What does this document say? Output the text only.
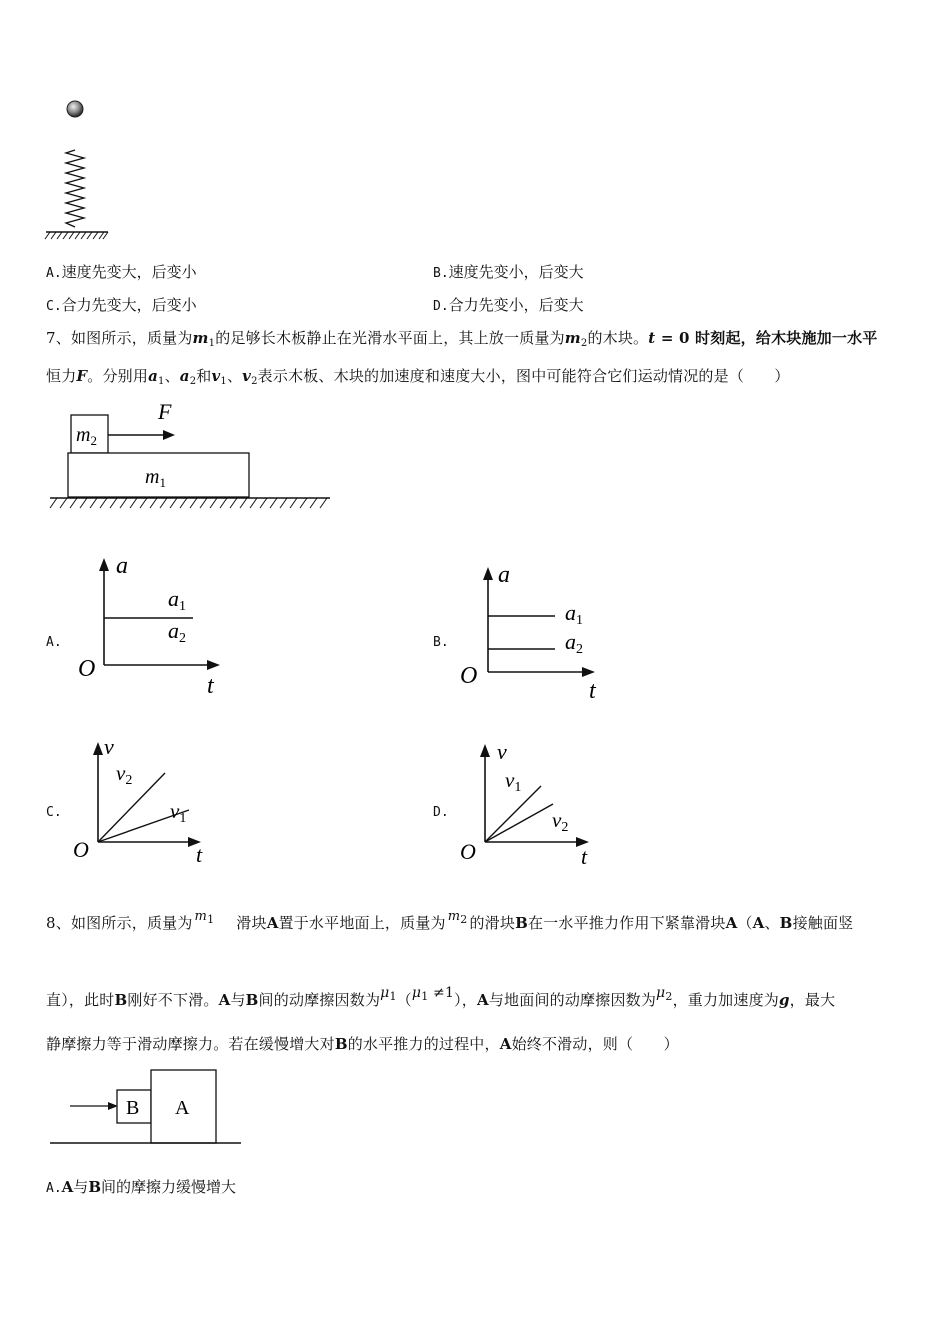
A.速度先变大，后变小	B.速度先变小，后变大
C.合力先变大，后变小	D.合力先变小，后变大
7、如图所示，质量为$m_1$的足够长木板静止在光滑水平面上，其上放一质量为$m_2$的木块。t = 0 时刻起，给木块施加一水平
恒力F。分别用$a_1$、$a_2$和$v_1$、$v_2$表示木板、木块的加速度和速度大小，图中可能符合它们运动情况的是（　　）
$m_2$
F
$m_1$
A.
a
t
O
a1
a2	B.
a
t
O
a1
a2
C.
v
t
O
v2
v1	D.
v
t
O
v1
v2
8、如图所示，质量为 $m_1$ 滑块A置于水平地面上，质量为 $m_2$ 的滑块B在一水平推力作用下紧靠滑块A（A、B接触面竖
直），此时B刚好不下滑。A与B间的动摩擦因数为$\mu_1(\mu_1 \ne 1)$，A与地面间的动摩擦因数为$\mu_2$，重力加速度为g，最大
静摩擦力等于滑动摩擦力。若在缓慢增大对B的水平推力的过程中，A始终不滑动，则（　　）
B A
A.A与B间的摩擦力缓慢增大
